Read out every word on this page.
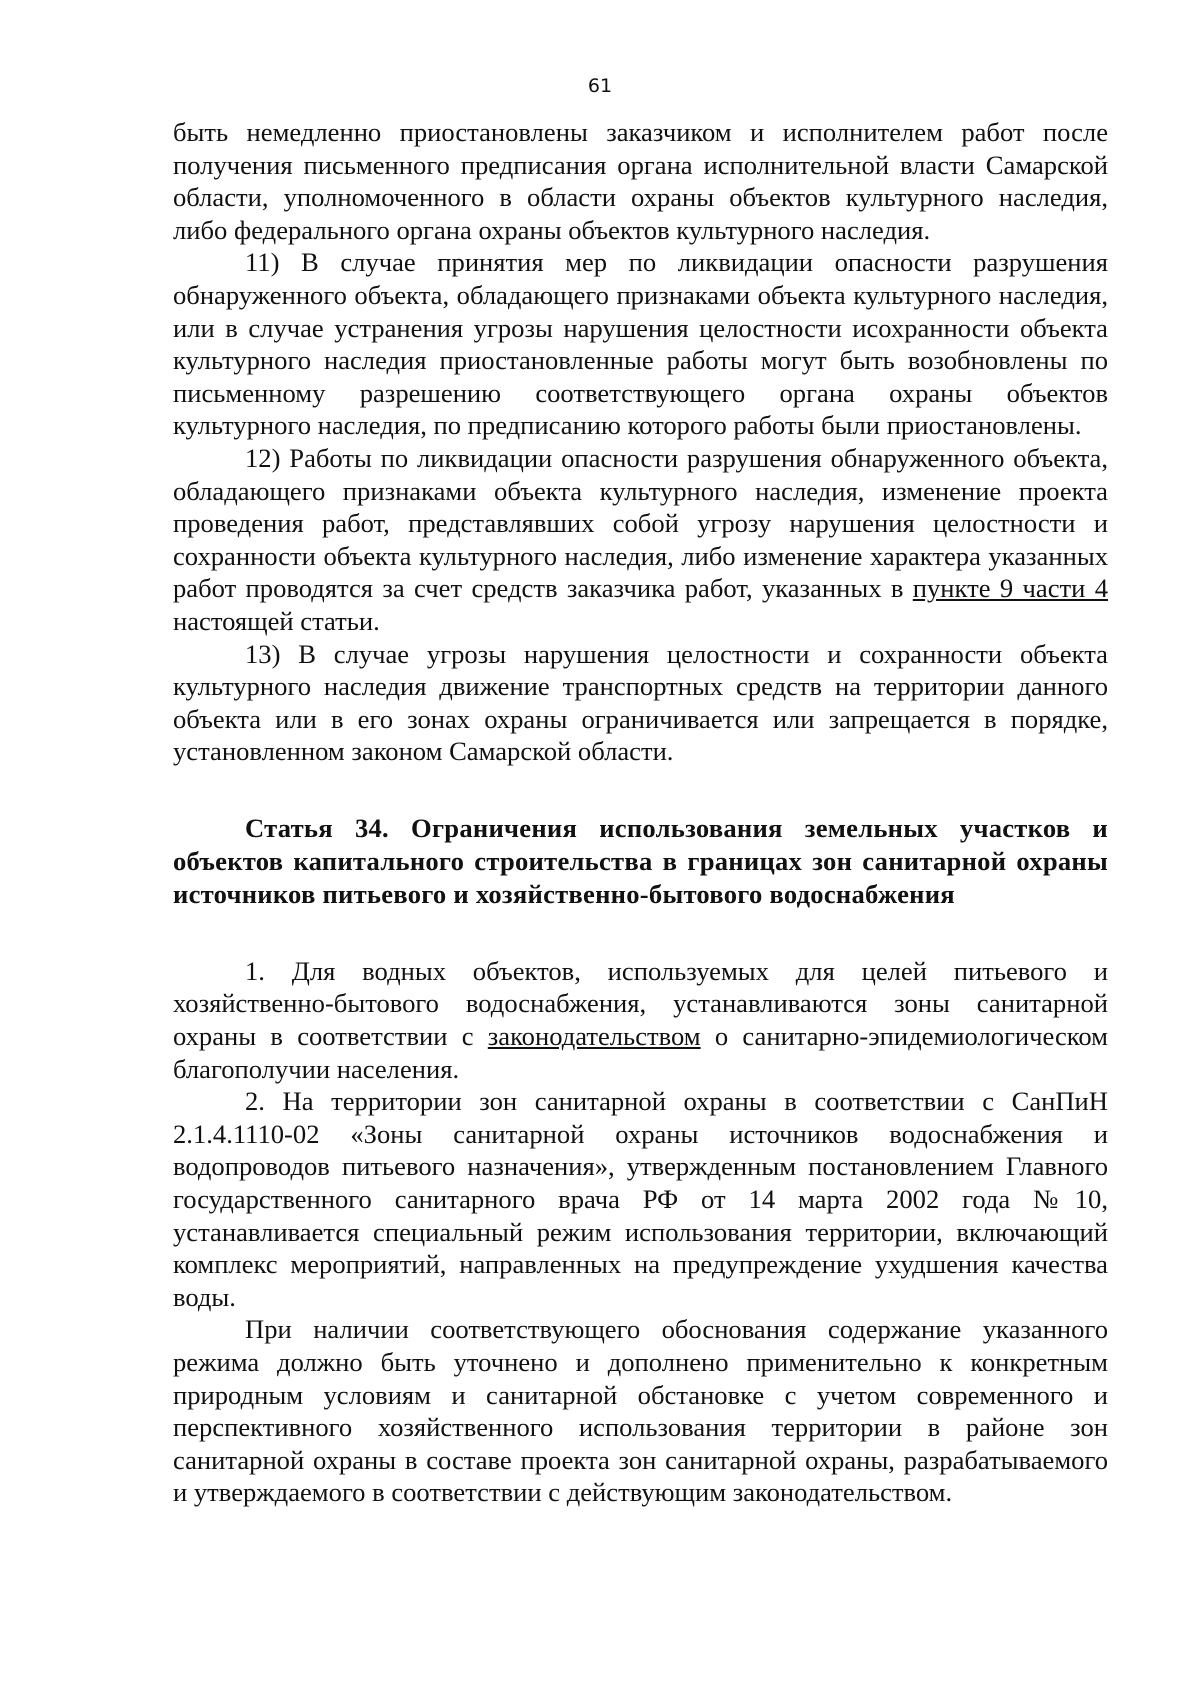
61

быть немедленно приостановлены заказчиком и исполнителем работ после получения письменного предписания органа исполнительной власти Самарской области, уполномоченного в области охраны объектов культурного наследия, либо федерального органа охраны объектов культурного наследия.

11) В случае принятия мер по ликвидации опасности разрушения обнаруженного объекта, обладающего признаками объекта культурного наследия, или в случае устранения угрозы нарушения целостности исохранности объекта культурного наследия приостановленные работы могут быть возобновлены по письменному разрешению соответствующего органа охраны объектов культурного наследия, по предписанию которого работы были приостановлены.

12) Работы по ликвидации опасности разрушения обнаруженного объекта, обладающего признаками объекта культурного наследия, изменение проекта проведения работ, представлявших собой угрозу нарушения целостности и сохранности объекта культурного наследия, либо изменение характера указанных работ проводятся за счет средств заказчика работ, указанных в пункте 9 части 4 настоящей статьи.

13) В случае угрозы нарушения целостности и сохранности объекта культурного наследия движение транспортных средств на территории данного объекта или в его зонах охраны ограничивается или запрещается в порядке, установленном законом Самарской области.

Статья 34. Ограничения использования земельных участков и объектов капитального строительства в границах зон санитарной охраны источников питьевого и хозяйственно-бытового водоснабжения

1. Для водных объектов, используемых для целей питьевого и хозяйственно-бытового водоснабжения, устанавливаются зоны санитарной охраны в соответствии с законодательством о санитарно-эпидемиологическом благополучии населения.

2. На территории зон санитарной охраны в соответствии с СанПиН 2.1.4.1110-02 «Зоны санитарной охраны источников водоснабжения и водопроводов питьевого назначения», утвержденным постановлением Главного государственного санитарного врача РФ от 14 марта 2002 года №10, устанавливается специальный режим использования территории, включающий комплекс мероприятий, направленных на предупреждение ухудшения качества воды.

При наличии соответствующего обоснования содержание указанного режима должно быть уточнено и дополнено применительно к конкретным природным условиям и санитарной обстановке с учетом современного и перспективного хозяйственного использования территории в районе зон санитарной охраны в составе проекта зон санитарной охраны, разрабатываемого и утверждаемого в соответствии с действующим законодательством.
